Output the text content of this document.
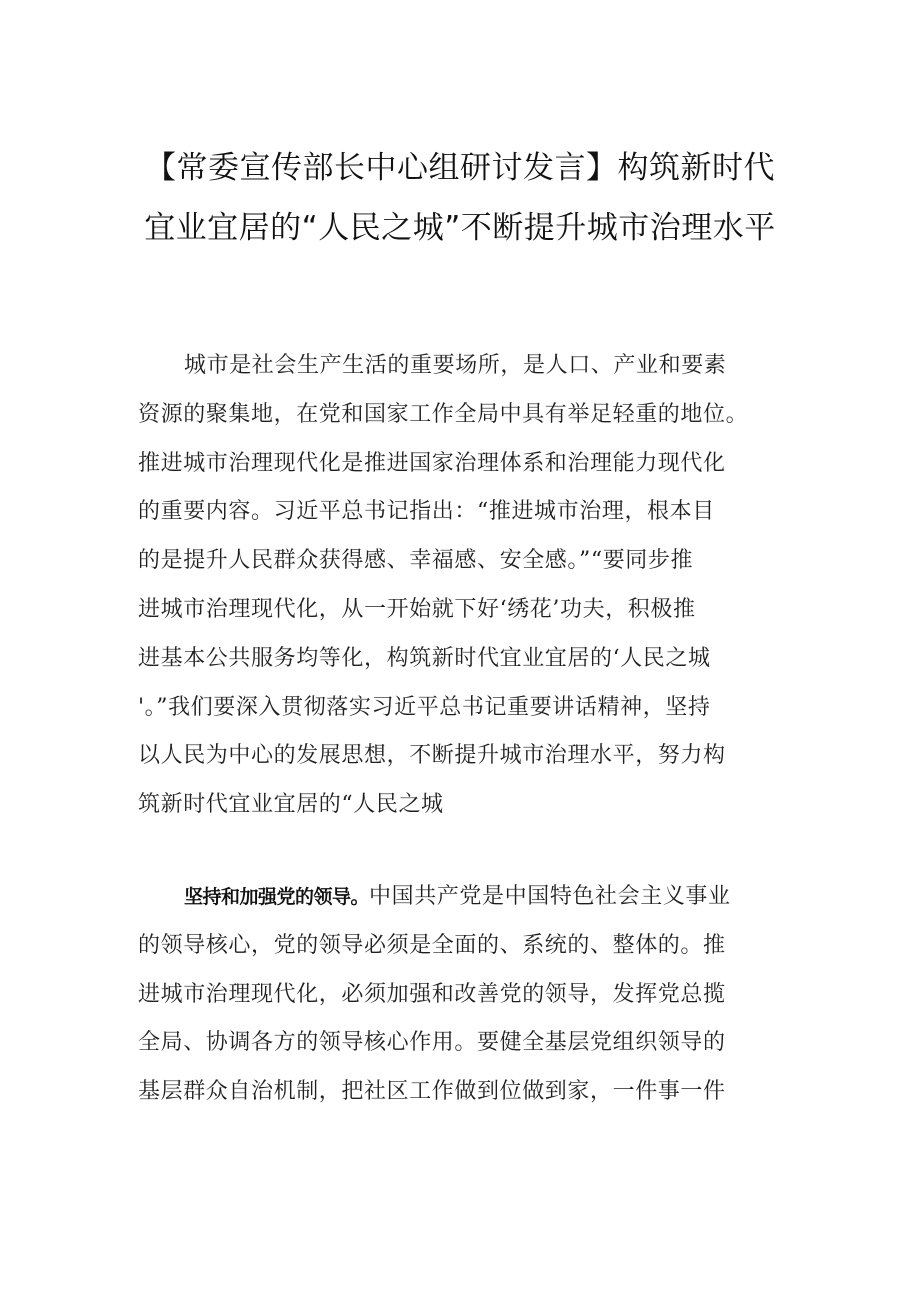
【常委宣传部长中心组研讨发言】构筑新时代
宜业宜居的“人民之城”不断提升城市治理水平
城市是社会生产生活的重要场所，是人口、产业和要素
资源的聚集地，在党和国家工作全局中具有举足轻重的地位。
推进城市治理现代化是推进国家治理体系和治理能力现代化
的重要内容。习近平总书记指出：“推进城市治理，根本目
的是提升人民群众获得感、幸福感、安全感。”“要同步推
进城市治理现代化，从一开始就下好‘绣花’功夫，积极推
进基本公共服务均等化，构筑新时代宜业宜居的‘人民之城
'。”我们要深入贯彻落实习近平总书记重要讲话精神，坚持
以人民为中心的发展思想，不断提升城市治理水平，努力构
筑新时代宜业宜居的“人民之城
坚持和加强党的领导。中国共产党是中国特色社会主义事业
的领导核心，党的领导必须是全面的、系统的、整体的。推
进城市治理现代化，必须加强和改善党的领导，发挥党总揽
全局、协调各方的领导核心作用。要健全基层党组织领导的
基层群众自治机制，把社区工作做到位做到家，一件事一件
